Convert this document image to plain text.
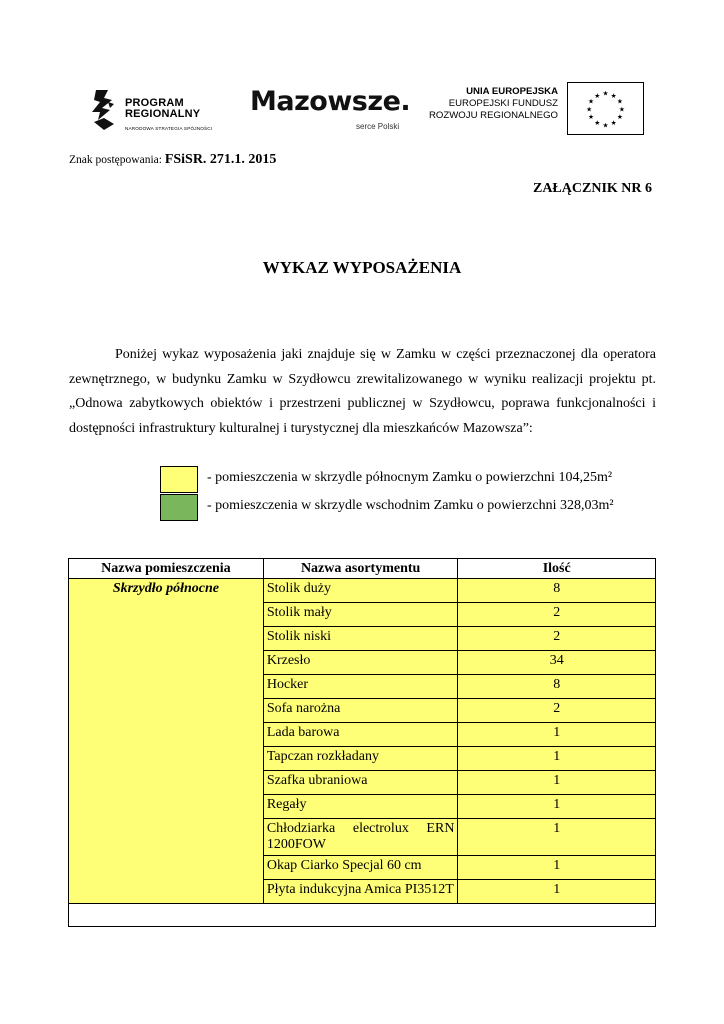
PROGRAM
REGIONALNY
NARODOWA STRATEGIA SPÓJNOŚCI
Mazowsze.
serce Polski
UNIA EUROPEJSKA
EUROPEJSKI FUNDUSZ
ROZWOJU REGIONALNEGO
★ ★
★
★
★
★
★
★
★
★
★
★
Znak postępowania: FSiSR. 271.1. 2015
ZAŁĄCZNIK NR 6
WYKAZ WYPOSAŻENIA
Poniżej wykaz wyposażenia jaki znajduje się w Zamku w części przeznaczonej dla operatora zewnętrznego, w budynku Zamku w Szydłowcu zrewitalizowanego w wyniku realizacji projektu pt. „Odnowa zabytkowych obiektów i przestrzeni publicznej w Szydłowcu, poprawa funkcjonalności i dostępności infrastruktury kulturalnej i turystycznej dla mieszkańców Mazowsza”:
- pomieszczenia w skrzydle północnym Zamku o powierzchni 104,25m²
- pomieszczenia w skrzydle wschodnim Zamku o powierzchni 328,03m²
Nazwa pomieszczenia	Nazwa asortymentu	Ilość
Skrzydło północne	Stolik duży	8
	Stolik mały	2
	Stolik niski	2
	Krzesło	34
	Hocker	8
	Sofa narożna	2
	Lada barowa	1
	Tapczan rozkładany	1
	Szafka ubraniowa	1
	Regały	1
	Chłodziarka electrolux ERN 1200FOW	1
	Okap Ciarko Specjal 60 cm	1
	Płyta indukcyjna Amica PI3512T	1
